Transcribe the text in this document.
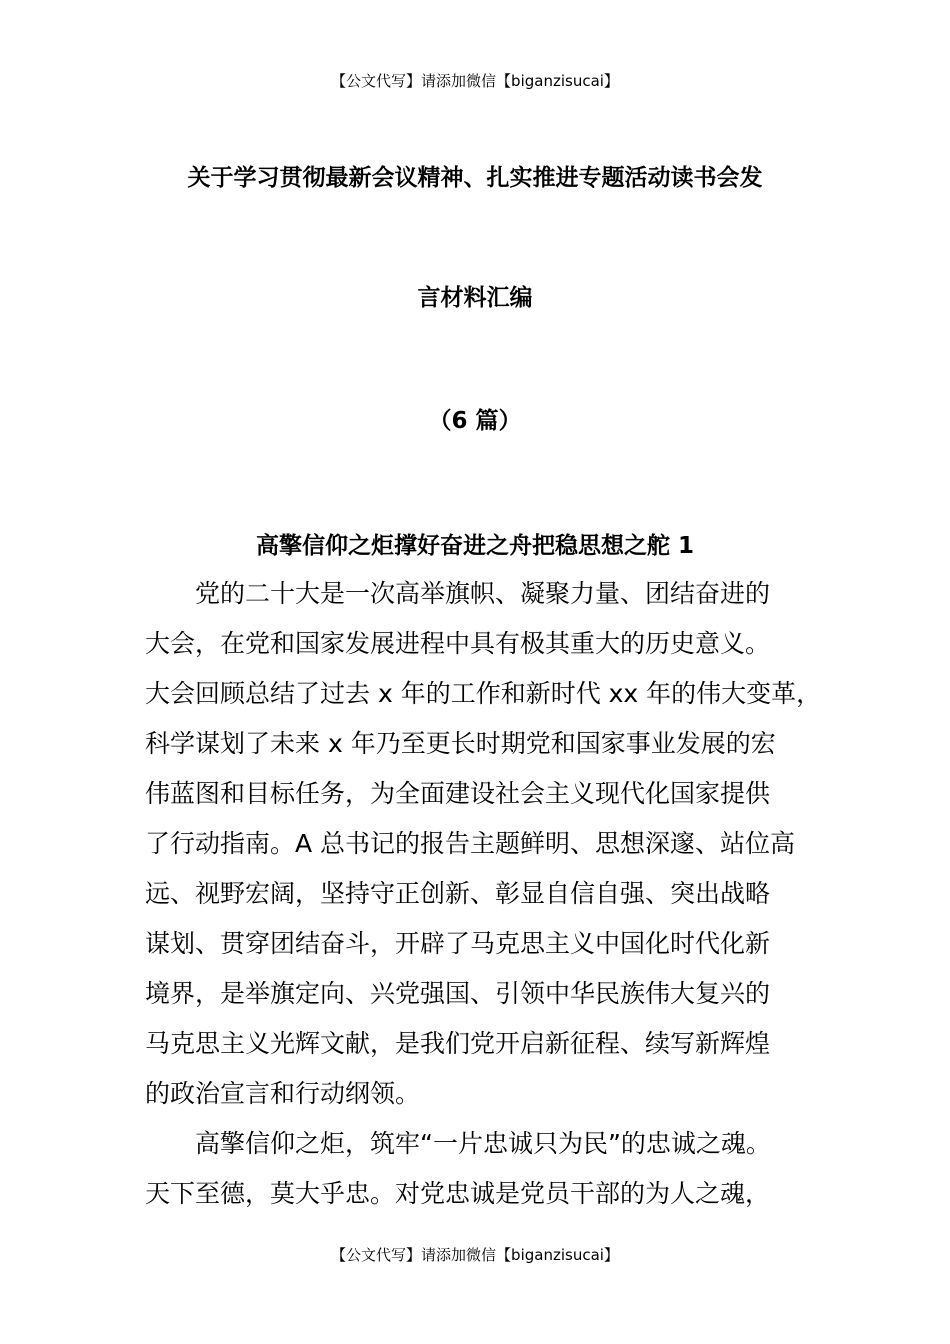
【公文代写】请添加微信【biganzisucai】
关于学习贯彻最新会议精神、扎实推进专题活动读书会发
言材料汇编
（6 篇）
高擎信仰之炬撑好奋进之舟把稳思想之舵 1
党的二十大是一次高举旗帜、凝聚力量、团结奋进的
大会，在党和国家发展进程中具有极其重大的历史意义。
大会回顾总结了过去 x 年的工作和新时代 xx 年的伟大变革，
科学谋划了未来 x 年乃至更长时期党和国家事业发展的宏
伟蓝图和目标任务，为全面建设社会主义现代化国家提供
了行动指南。A 总书记的报告主题鲜明、思想深邃、站位高
远、视野宏阔，坚持守正创新、彰显自信自强、突出战略
谋划、贯穿团结奋斗，开辟了马克思主义中国化时代化新
境界，是举旗定向、兴党强国、引领中华民族伟大复兴的
马克思主义光辉文献，是我们党开启新征程、续写新辉煌
的政治宣言和行动纲领。
高擎信仰之炬，筑牢“一片忠诚只为民”的忠诚之魂。
天下至德，莫大乎忠。对党忠诚是党员干部的为人之魂，
【公文代写】请添加微信【biganzisucai】
